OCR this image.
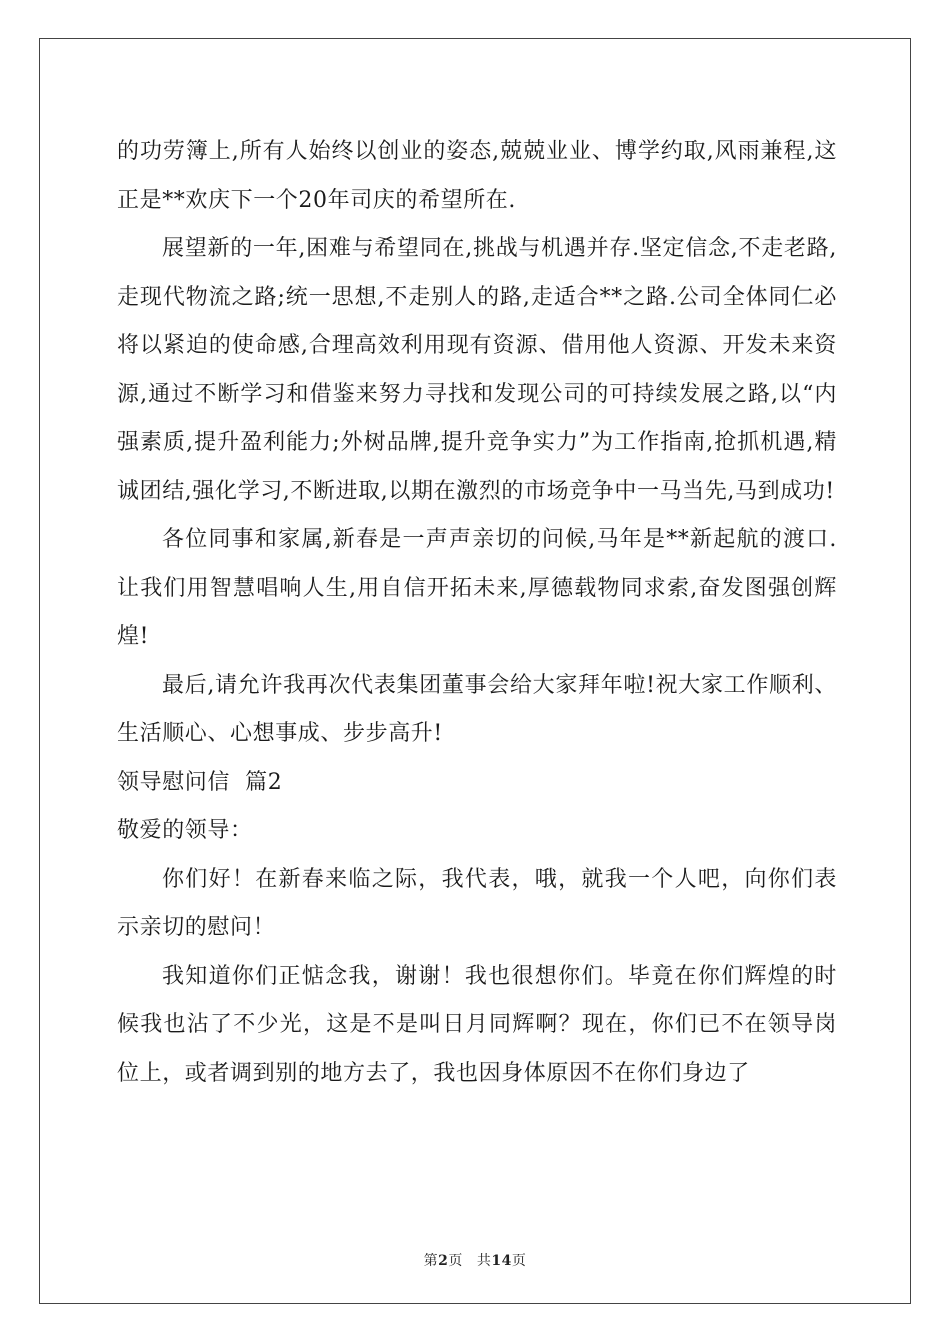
的功劳簿上,所有人始终以创业的姿态,兢兢业业、博学约取,风雨兼程,这正是**欢庆下一个20年司庆的希望所在.

展望新的一年,困难与希望同在,挑战与机遇并存.坚定信念,不走老路,走现代物流之路;统一思想,不走别人的路,走适合**之路.公司全体同仁必将以紧迫的使命感,合理高效利用现有资源、借用他人资源、开发未来资源,通过不断学习和借鉴来努力寻找和发现公司的可持续发展之路,以“内强素质,提升盈利能力;外树品牌,提升竞争实力”为工作指南,抢抓机遇,精诚团结,强化学习,不断进取,以期在激烈的市场竞争中一马当先,马到成功!

各位同事和家属,新春是一声声亲切的问候,马年是**新起航的渡口.让我们用智慧唱响人生,用自信开拓未来,厚德载物同求索,奋发图强创辉煌!

最后,请允许我再次代表集团董事会给大家拜年啦!祝大家工作顺利、生活顺心、心想事成、步步高升!

领导慰问信  篇2

敬爱的领导：

你们好！在新春来临之际，我代表，哦，就我一个人吧，向你们表示亲切的慰问！

我知道你们正惦念我，谢谢！我也很想你们。毕竟在你们辉煌的时候我也沾了不少光，这是不是叫日月同辉啊？现在，你们已不在领导岗位上，或者调到别的地方去了，我也因身体原因不在你们身边了

第2页 共14页
